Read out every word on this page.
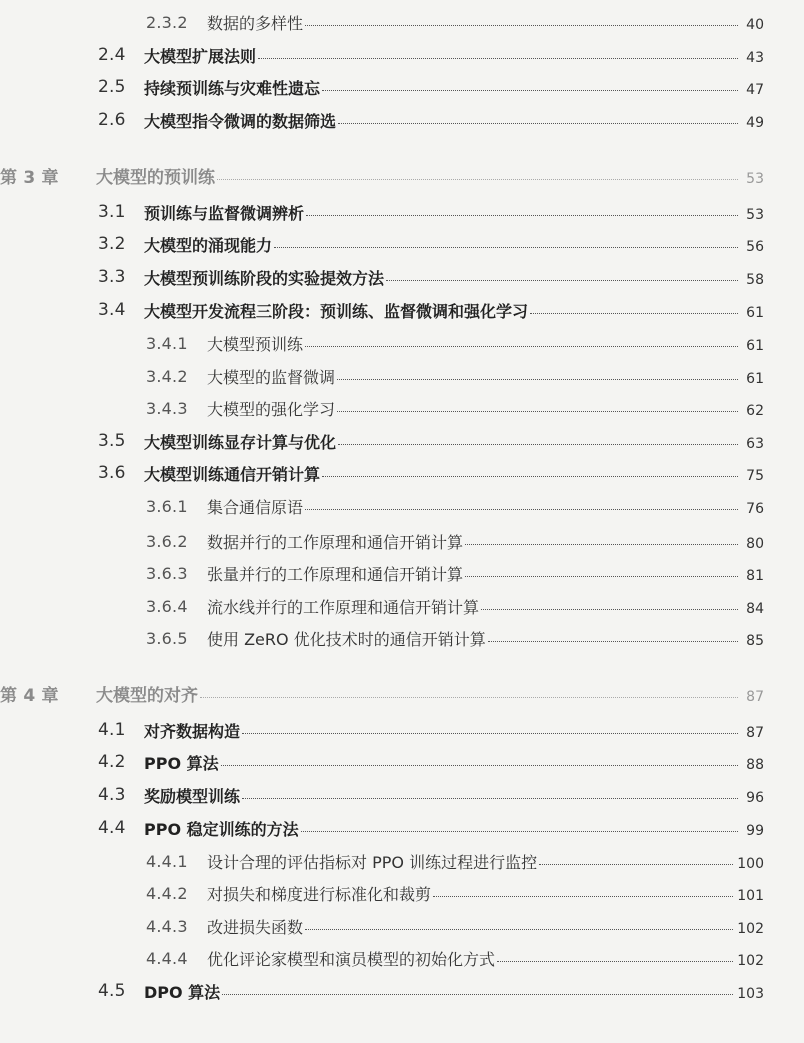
2.3.2 数据的多样性	40
2.4 大模型扩展法则	43
2.5 持续预训练与灾难性遗忘	47
2.6 大模型指令微调的数据筛选	49
第 3 章 大模型的预训练	53
3.1 预训练与监督微调辨析	53
3.2 大模型的涌现能力	56
3.3 大模型预训练阶段的实验提效方法	58
3.4 大模型开发流程三阶段：预训练、监督微调和强化学习	61
3.4.1 大模型预训练	61
3.4.2 大模型的监督微调	61
3.4.3 大模型的强化学习	62
3.5 大模型训练显存计算与优化	63
3.6 大模型训练通信开销计算	75
3.6.1 集合通信原语	76
3.6.2 数据并行的工作原理和通信开销计算	80
3.6.3 张量并行的工作原理和通信开销计算	81
3.6.4 流水线并行的工作原理和通信开销计算	84
3.6.5 使用 ZeRO 优化技术时的通信开销计算	85
第 4 章 大模型的对齐	87
4.1 对齐数据构造	87
4.2 PPO 算法	88
4.3 奖励模型训练	96
4.4 PPO 稳定训练的方法	99
4.4.1 设计合理的评估指标对 PPO 训练过程进行监控	100
4.4.2 对损失和梯度进行标准化和裁剪	101
4.4.3 改进损失函数	102
4.4.4 优化评论家模型和演员模型的初始化方式	102
4.5 DPO 算法	103
